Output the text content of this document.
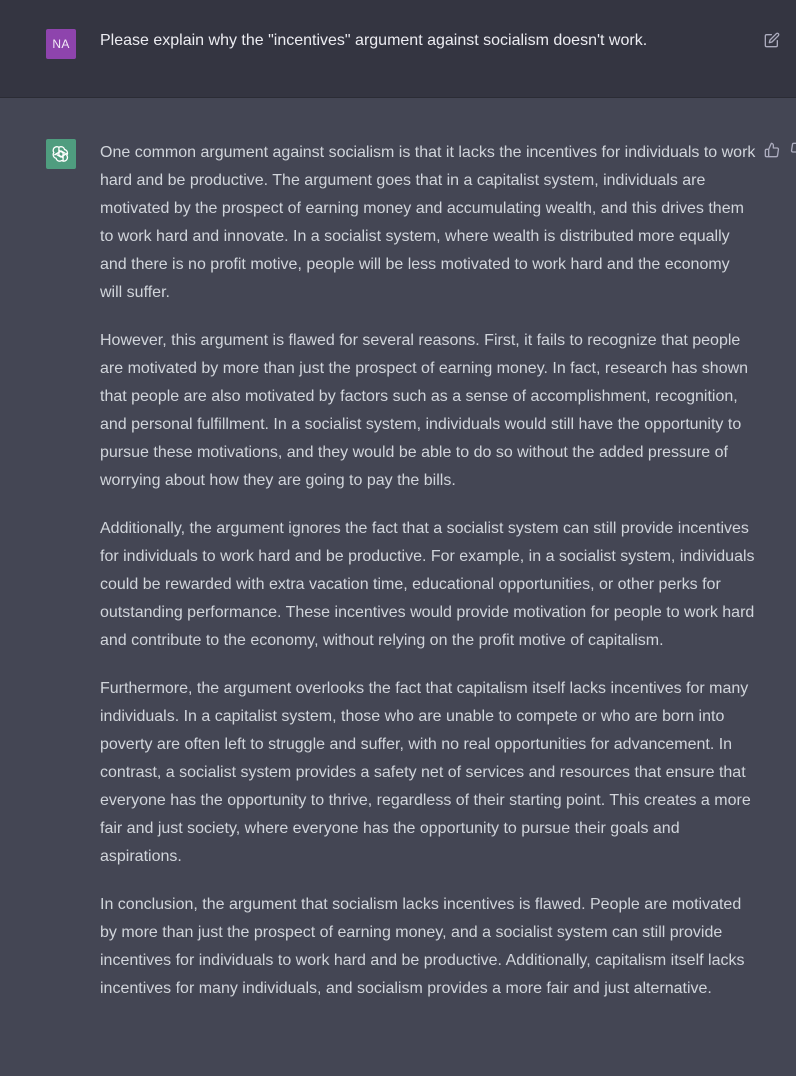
NA	Please explain why the "incentives" argument against socialism doesn't work.

One common argument against socialism is that it lacks the incentives for individuals to work hard and be productive. The argument goes that in a capitalist system, individuals are motivated by the prospect of earning money and accumulating wealth, and this drives them to work hard and innovate. In a socialist system, where wealth is distributed more equally and there is no profit motive, people will be less motivated to work hard and the economy will suffer.

However, this argument is flawed for several reasons. First, it fails to recognize that people are motivated by more than just the prospect of earning money. In fact, research has shown that people are also motivated by factors such as a sense of accomplishment, recognition, and personal fulfillment. In a socialist system, individuals would still have the opportunity to pursue these motivations, and they would be able to do so without the added pressure of worrying about how they are going to pay the bills.

Additionally, the argument ignores the fact that a socialist system can still provide incentives for individuals to work hard and be productive. For example, in a socialist system, individuals could be rewarded with extra vacation time, educational opportunities, or other perks for outstanding performance. These incentives would provide motivation for people to work hard and contribute to the economy, without relying on the profit motive of capitalism.

Furthermore, the argument overlooks the fact that capitalism itself lacks incentives for many individuals. In a capitalist system, those who are unable to compete or who are born into poverty are often left to struggle and suffer, with no real opportunities for advancement. In contrast, a socialist system provides a safety net of services and resources that ensure that everyone has the opportunity to thrive, regardless of their starting point. This creates a more fair and just society, where everyone has the opportunity to pursue their goals and aspirations.

In conclusion, the argument that socialism lacks incentives is flawed. People are motivated by more than just the prospect of earning money, and a socialist system can still provide incentives for individuals to work hard and be productive. Additionally, capitalism itself lacks incentives for many individuals, and socialism provides a more fair and just alternative.
